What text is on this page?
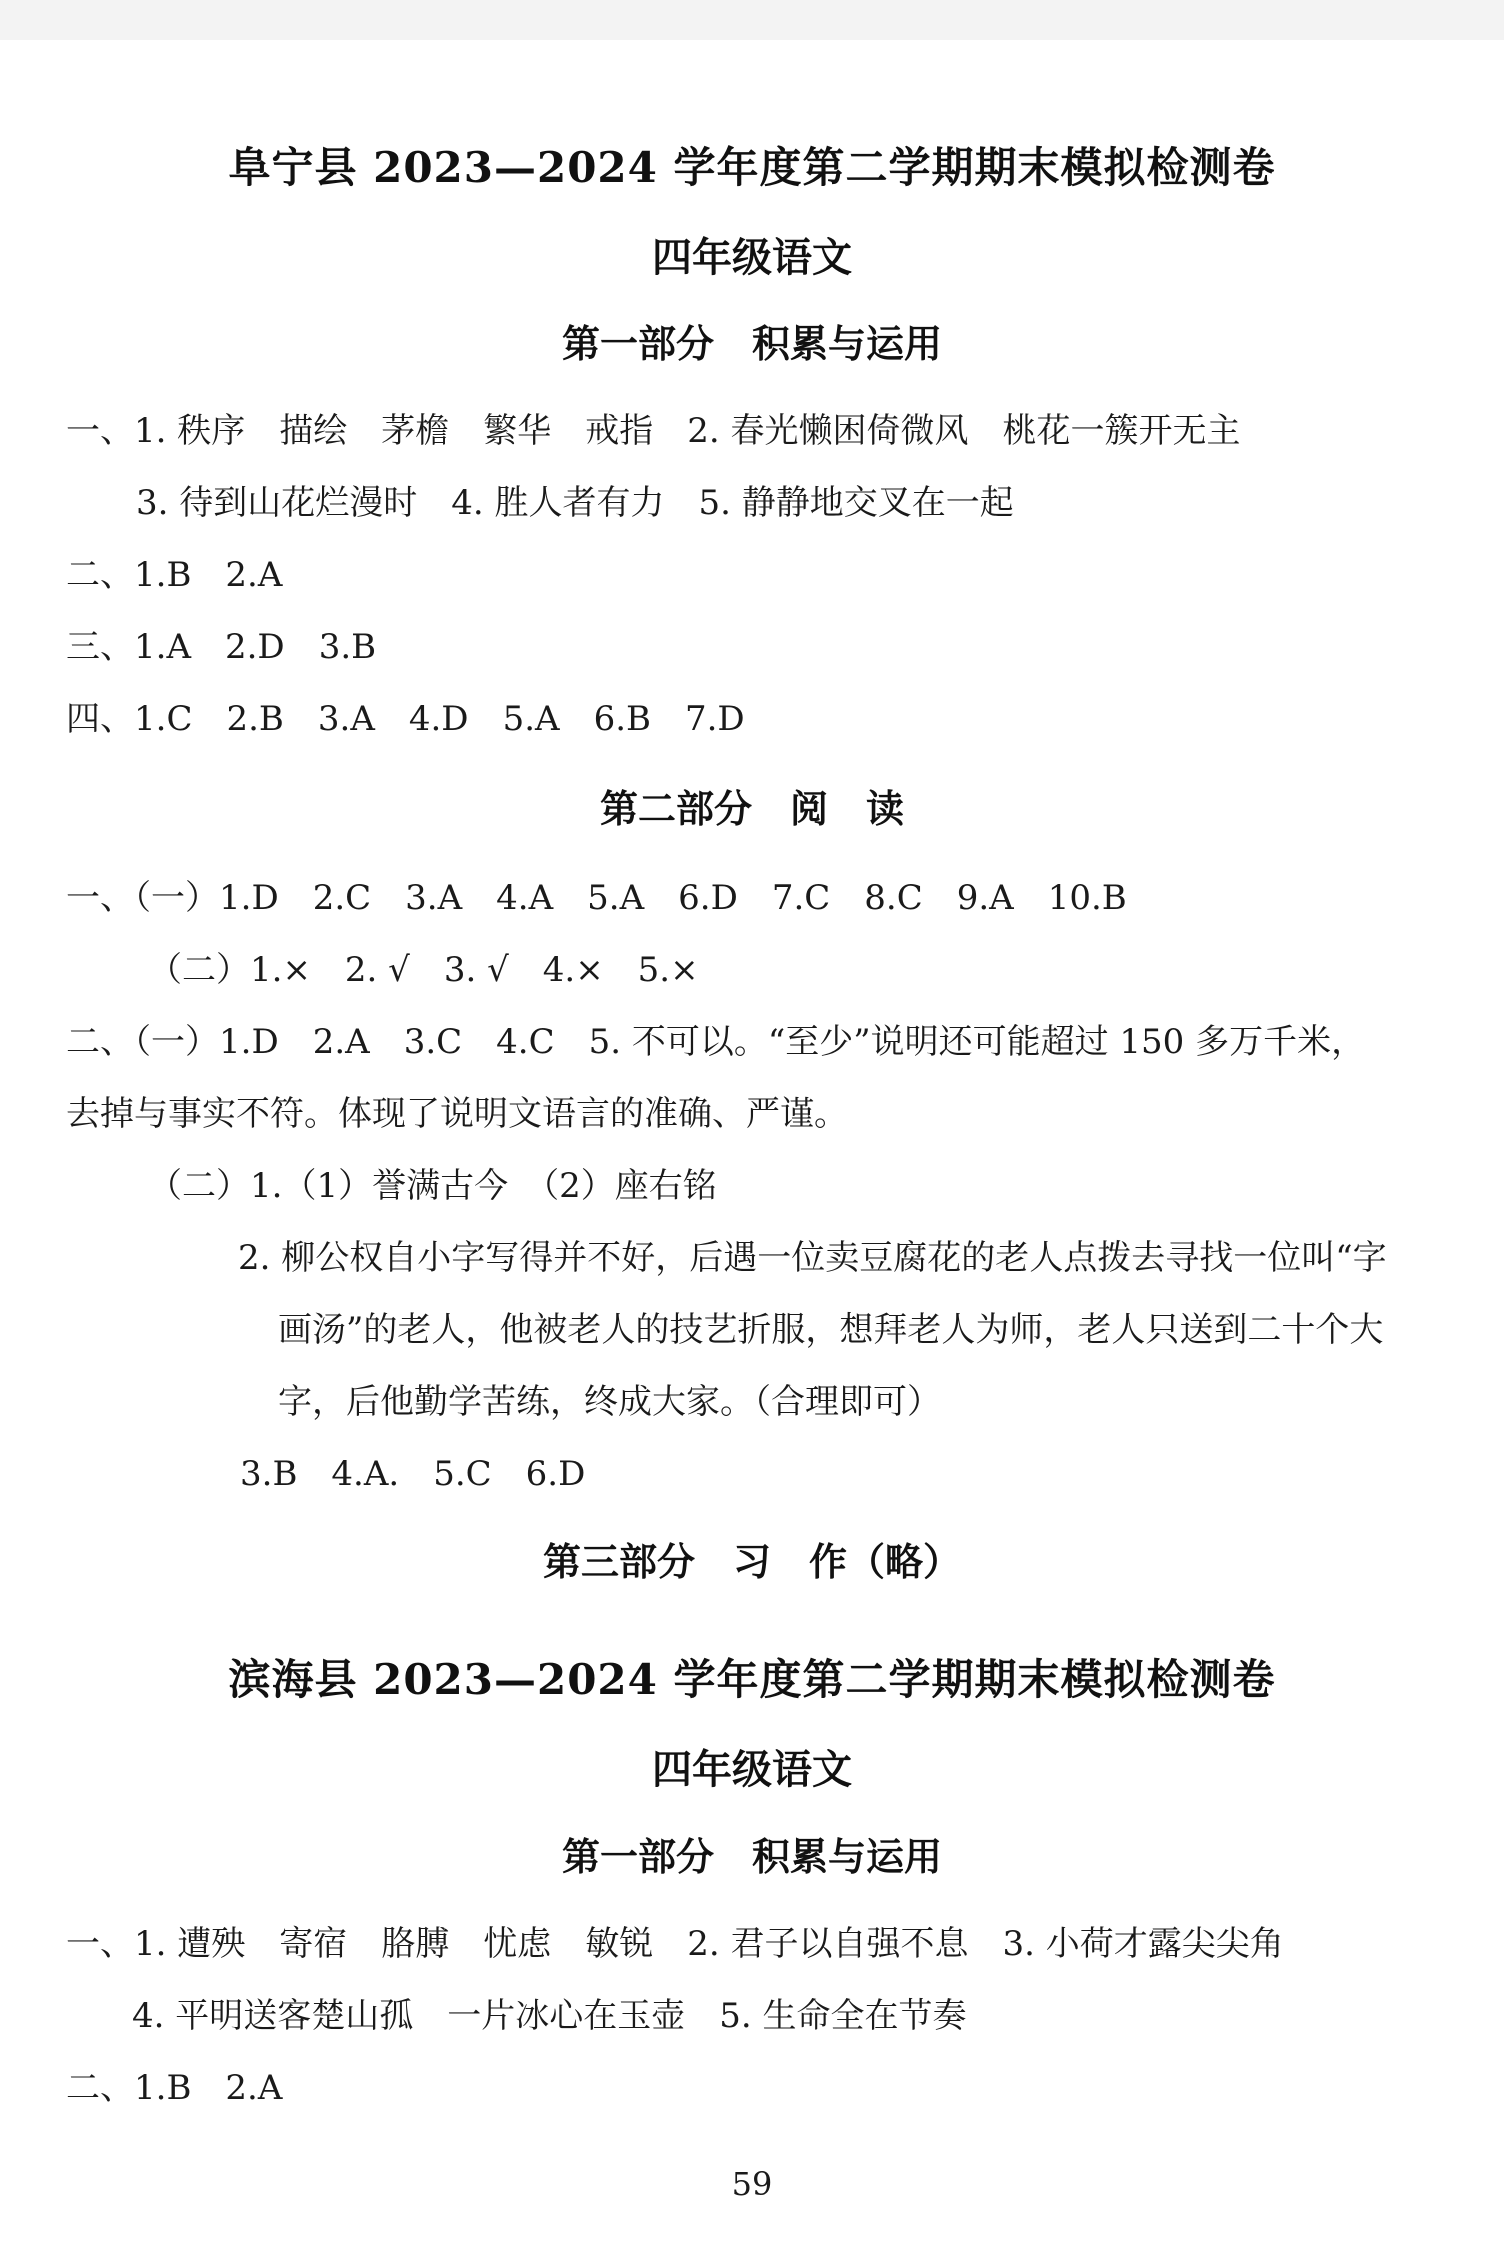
阜宁县 2023—2024 学年度第二学期期末模拟检测卷
四年级语文
第一部分　积累与运用
一、1. 秩序　描绘　茅檐　繁华　戒指　2. 春光懒困倚微风　桃花一簇开无主
3. 待到山花烂漫时　4. 胜人者有力　5. 静静地交叉在一起
二、1.B　2.A
三、1.A　2.D　3.B
四、1.C　2.B　3.A　4.D　5.A　6.B　7.D
第二部分　阅　读
一、（一）1.D　2.C　3.A　4.A　5.A　6.D　7.C　8.C　9.A　10.B
（二）1.×　2. √　3. √　4.×　5.×
二、（一）1.D　2.A　3.C　4.C　5. 不可以。“至少”说明还可能超过 150 多万千米，
去掉与事实不符。体现了说明文语言的准确、严谨。
（二）1.（1）誉满古今　（2）座右铭
2. 柳公权自小字写得并不好，后遇一位卖豆腐花的老人点拨去寻找一位叫“字
画汤”的老人，他被老人的技艺折服，想拜老人为师，老人只送到二十个大
字，后他勤学苦练，终成大家。（合理即可）
3.B　4.A.　5.C　6.D
第三部分　习　作（略）
滨海县 2023—2024 学年度第二学期期末模拟检测卷
四年级语文
第一部分　积累与运用
一、1. 遭殃　寄宿　胳膊　忧虑　敏锐　2. 君子以自强不息　3. 小荷才露尖尖角
4. 平明送客楚山孤　一片冰心在玉壶　5. 生命全在节奏
二、1.B　2.A
59
